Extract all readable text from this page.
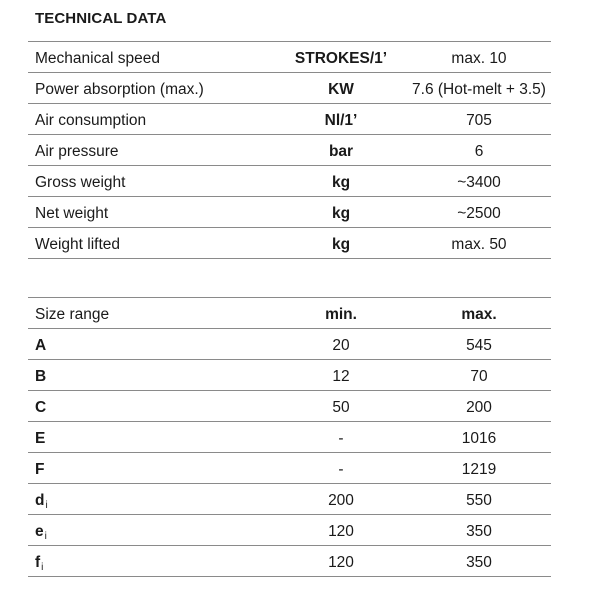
TECHNICAL DATA
Mechanical speed	STROKES/1’	max. 10
Power absorption (max.)	KW	7.6 (Hot-melt + 3.5)
Air consumption	Nl/1’	705
Air pressure	bar	6
Gross weight	kg	~3400
Net weight	kg	~2500
Weight lifted	kg	max. 50
Size range	min.	max.
A	20	545
B	12	70
C	50	200
E	-	1016
F	-	1219
di	200	550
ei	120	350
fi	120	350
